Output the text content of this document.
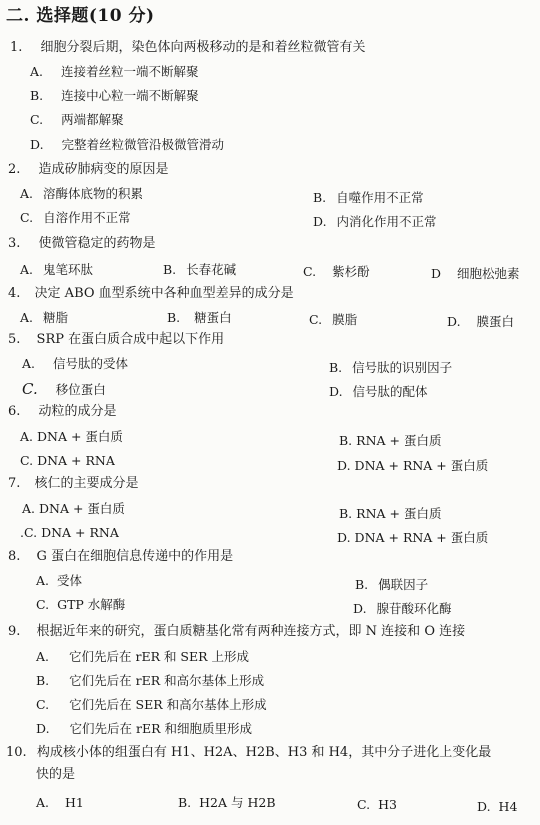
二. 选择题(10 分)
1. 细胞分裂后期，染色体向两极移动的是和着丝粒微管有关
A. 连接着丝粒一端不断解聚
B. 连接中心粒一端不断解聚
C. 两端都解聚
D. 完整着丝粒微管沿极微管滑动
2. 造成矽肺病变的原因是
A. 溶酶体底物的积累	B. 自噬作用不正常
C. 自溶作用不正常	D. 内消化作用不正常
3. 使微管稳定的药物是
A. 鬼笔环肽	B. 长春花碱	C. 紫杉酚	D 细胞松弛素
4. 决定 ABO 血型系统中各种血型差异的成分是
A. 糖脂	B. 糖蛋白	C. 膜脂	D. 膜蛋白
5. SRP 在蛋白质合成中起以下作用
A. 信号肽的受体	B. 信号肽的识别因子
C. 移位蛋白	D. 信号肽的配体
6. 动粒的成分是
A. DNA + 蛋白质	B. RNA + 蛋白质
C. DNA + RNA	D. DNA + RNA + 蛋白质
7. 核仁的主要成分是
A. DNA + 蛋白质	B. RNA + 蛋白质
.C. DNA + RNA	D. DNA + RNA + 蛋白质
8. G 蛋白在细胞信息传递中的作用是
A. 受体	B. 偶联因子
C. GTP 水解酶	D. 腺苷酸环化酶
9. 根据近年来的研究，蛋白质糖基化常有两种连接方式，即 N 连接和 O 连接
A. 它们先后在 rER 和 SER 上形成
B. 它们先后在 rER 和高尔基体上形成
C. 它们先后在 SER 和高尔基体上形成
D. 它们先后在 rER 和细胞质里形成
10. 构成核小体的组蛋白有 H1、H2A、H2B、H3 和 H4，其中分子进化上变化最
快的是
A. H1	B. H2A 与 H2B	C. H3	D. H4
